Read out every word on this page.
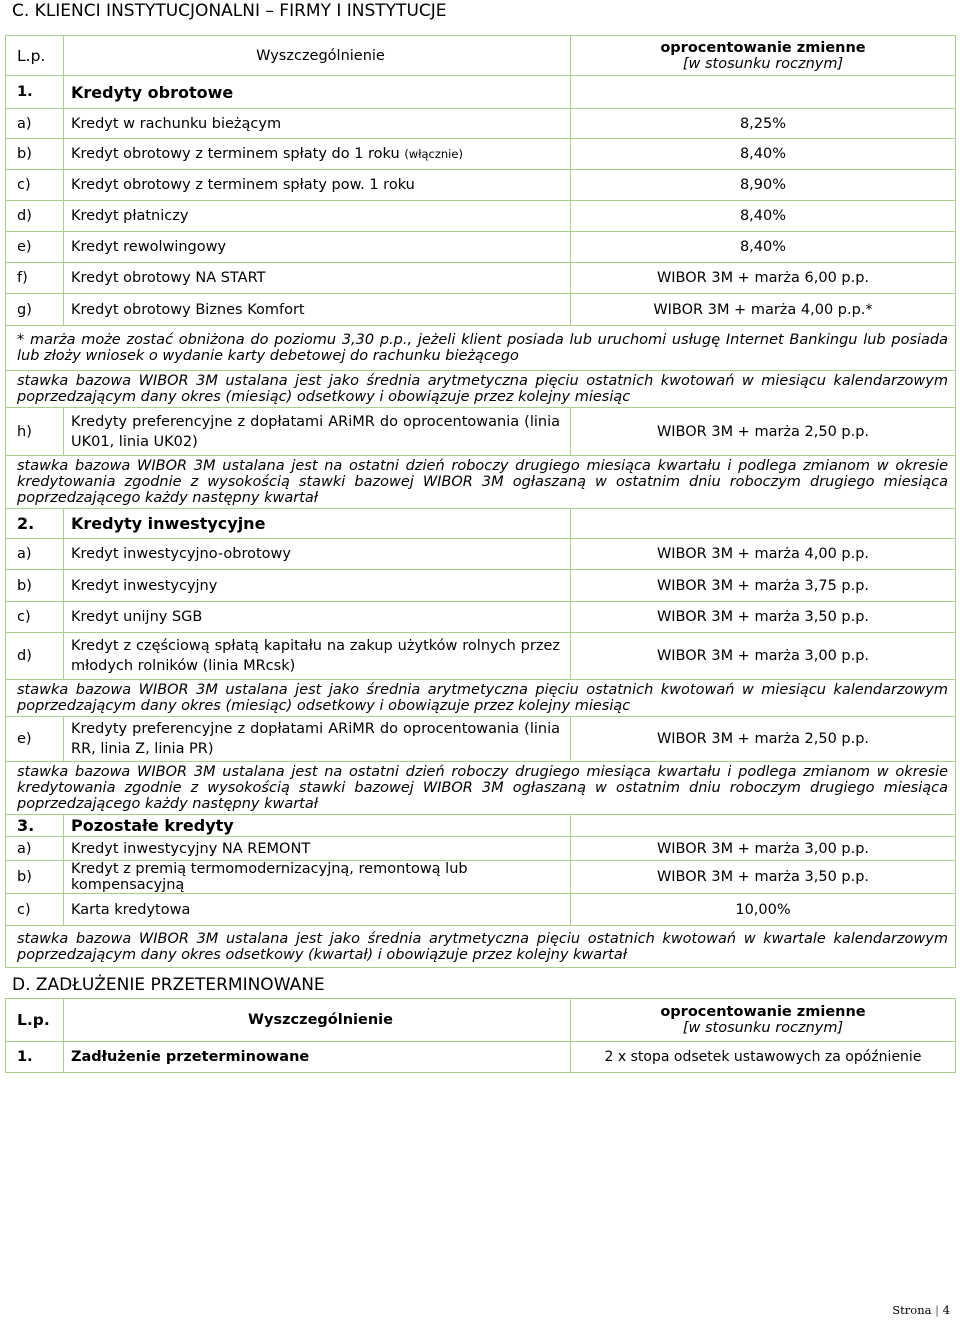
C. KLIENCI INSTYTUCJONALNI – FIRMY I INSTYTUCJE
L.p.	Wyszczególnienie	oprocentowanie zmienne
[w stosunku rocznym]

1.	Kredyty obrotowe	
a)	Kredyt w rachunku bieżącym	8,25%
b)	Kredyt obrotowy z terminem spłaty do 1 roku (włącznie)	8,40%
c)	Kredyt obrotowy z terminem spłaty pow. 1 roku	8,90%
d)	Kredyt płatniczy	8,40%
e)	Kredyt rewolwingowy	8,40%
f)	Kredyt obrotowy NA START	WIBOR 3M + marża 6,00 p.p.
g)	Kredyt obrotowy Biznes Komfort	WIBOR 3M + marża 4,00 p.p.*
* marża może zostać obniżona do poziomu 3,30 p.p., jeżeli klient posiada lub uruchomi usługę Internet Bankingu lub posiada lub złoży wniosek o wydanie karty debetowej do rachunku bieżącego		
stawka bazowa WIBOR 3M ustalana jest jako średnia arytmetyczna pięciu ostatnich kwotowań w miesiącu kalendarzowym poprzedzającym dany okres (miesiąc) odsetkowy i obowiązuje przez kolejny miesiąc		
h)	Kredyty preferencyjne z dopłatami ARiMR do oprocentowania (linia UK01, linia UK02)	WIBOR 3M + marża 2,50 p.p.
stawka bazowa WIBOR 3M ustalana jest na ostatni dzień roboczy drugiego miesiąca kwartału i podlega zmianom w okresie kredytowania zgodnie z wysokością stawki bazowej WIBOR 3M ogłaszaną w ostatnim dniu roboczym drugiego miesiąca poprzedzającego każdy następny kwartał		
2.	Kredyty inwestycyjne	
a)	Kredyt inwestycyjno-obrotowy	WIBOR 3M + marża 4,00 p.p.
b)	Kredyt inwestycyjny	WIBOR 3M + marża 3,75 p.p.
c)	Kredyt unijny SGB	WIBOR 3M + marża 3,50 p.p.
d)	Kredyt z częściową spłatą kapitału na zakup użytków rolnych przez młodych rolników (linia MRcsk)	WIBOR 3M + marża 3,00 p.p.
stawka bazowa WIBOR 3M ustalana jest jako średnia arytmetyczna pięciu ostatnich kwotowań w miesiącu kalendarzowym poprzedzającym dany okres (miesiąc) odsetkowy i obowiązuje przez kolejny miesiąc		
e)	Kredyty preferencyjne z dopłatami ARiMR do oprocentowania (linia RR, linia Z, linia PR)	WIBOR 3M + marża 2,50 p.p.
stawka bazowa WIBOR 3M ustalana jest na ostatni dzień roboczy drugiego miesiąca kwartału i podlega zmianom w okresie kredytowania zgodnie z wysokością stawki bazowej WIBOR 3M ogłaszaną w ostatnim dniu roboczym drugiego miesiąca poprzedzającego każdy następny kwartał		
3.	Pozostałe kredyty	
a)	Kredyt inwestycyjny NA REMONT	WIBOR 3M + marża 3,00 p.p.
b)	Kredyt z premią termomodernizacyjną, remontową lub kompensacyjną	WIBOR 3M + marża 3,50 p.p.
c)	Karta kredytowa	10,00%
stawka bazowa WIBOR 3M ustalana jest jako średnia arytmetyczna pięciu ostatnich kwotowań w kwartale kalendarzowym poprzedzającym dany okres odsetkowy (kwartał) i obowiązuje przez kolejny kwartał		
D. ZADŁUŻENIE PRZETERMINOWANE
L.p.	Wyszczególnienie	oprocentowanie zmienne
[w stosunku rocznym]

1.	Zadłużenie przeterminowane	2 x stopa odsetek ustawowych za opóźnienie
Strona | 4
